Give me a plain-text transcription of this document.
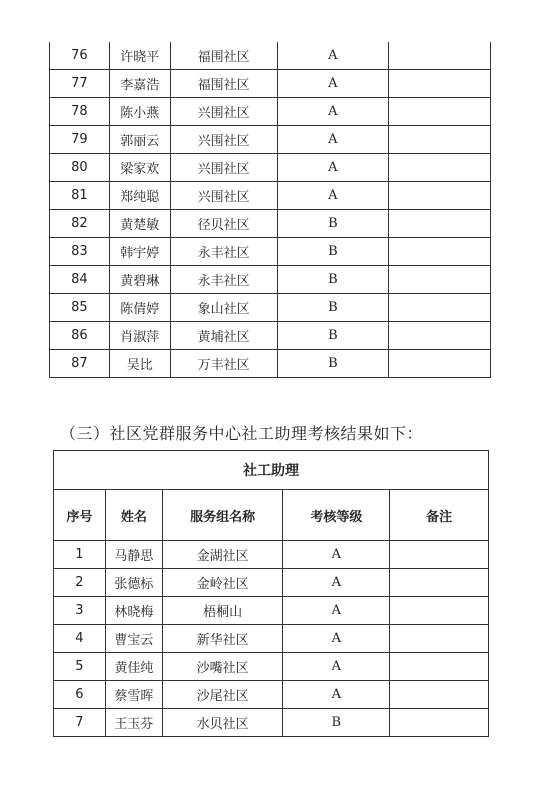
76	许晓平	福围社区	A	
77	李嘉浩	福围社区	A	
78	陈小燕	兴围社区	A	
79	郭丽云	兴围社区	A	
80	梁家欢	兴围社区	A	
81	郑纯聪	兴围社区	A	
82	黄楚敏	径贝社区	B	
83	韩宇婷	永丰社区	B	
84	黄碧琳	永丰社区	B	
85	陈倩婷	象山社区	B	
86	肖淑萍	黄埔社区	B	
87	吴比	万丰社区	B	
（三）社区党群服务中心社工助理考核结果如下：
社工助理				
序号	姓名	服务组名称	考核等级	备注
1	马静思	金湖社区	A	
2	张德标	金岭社区	A	
3	林晓梅	梧桐山	A	
4	曹宝云	新华社区	A	
5	黄佳纯	沙嘴社区	A	
6	蔡雪晖	沙尾社区	A	
7	王玉芬	水贝社区	B	
